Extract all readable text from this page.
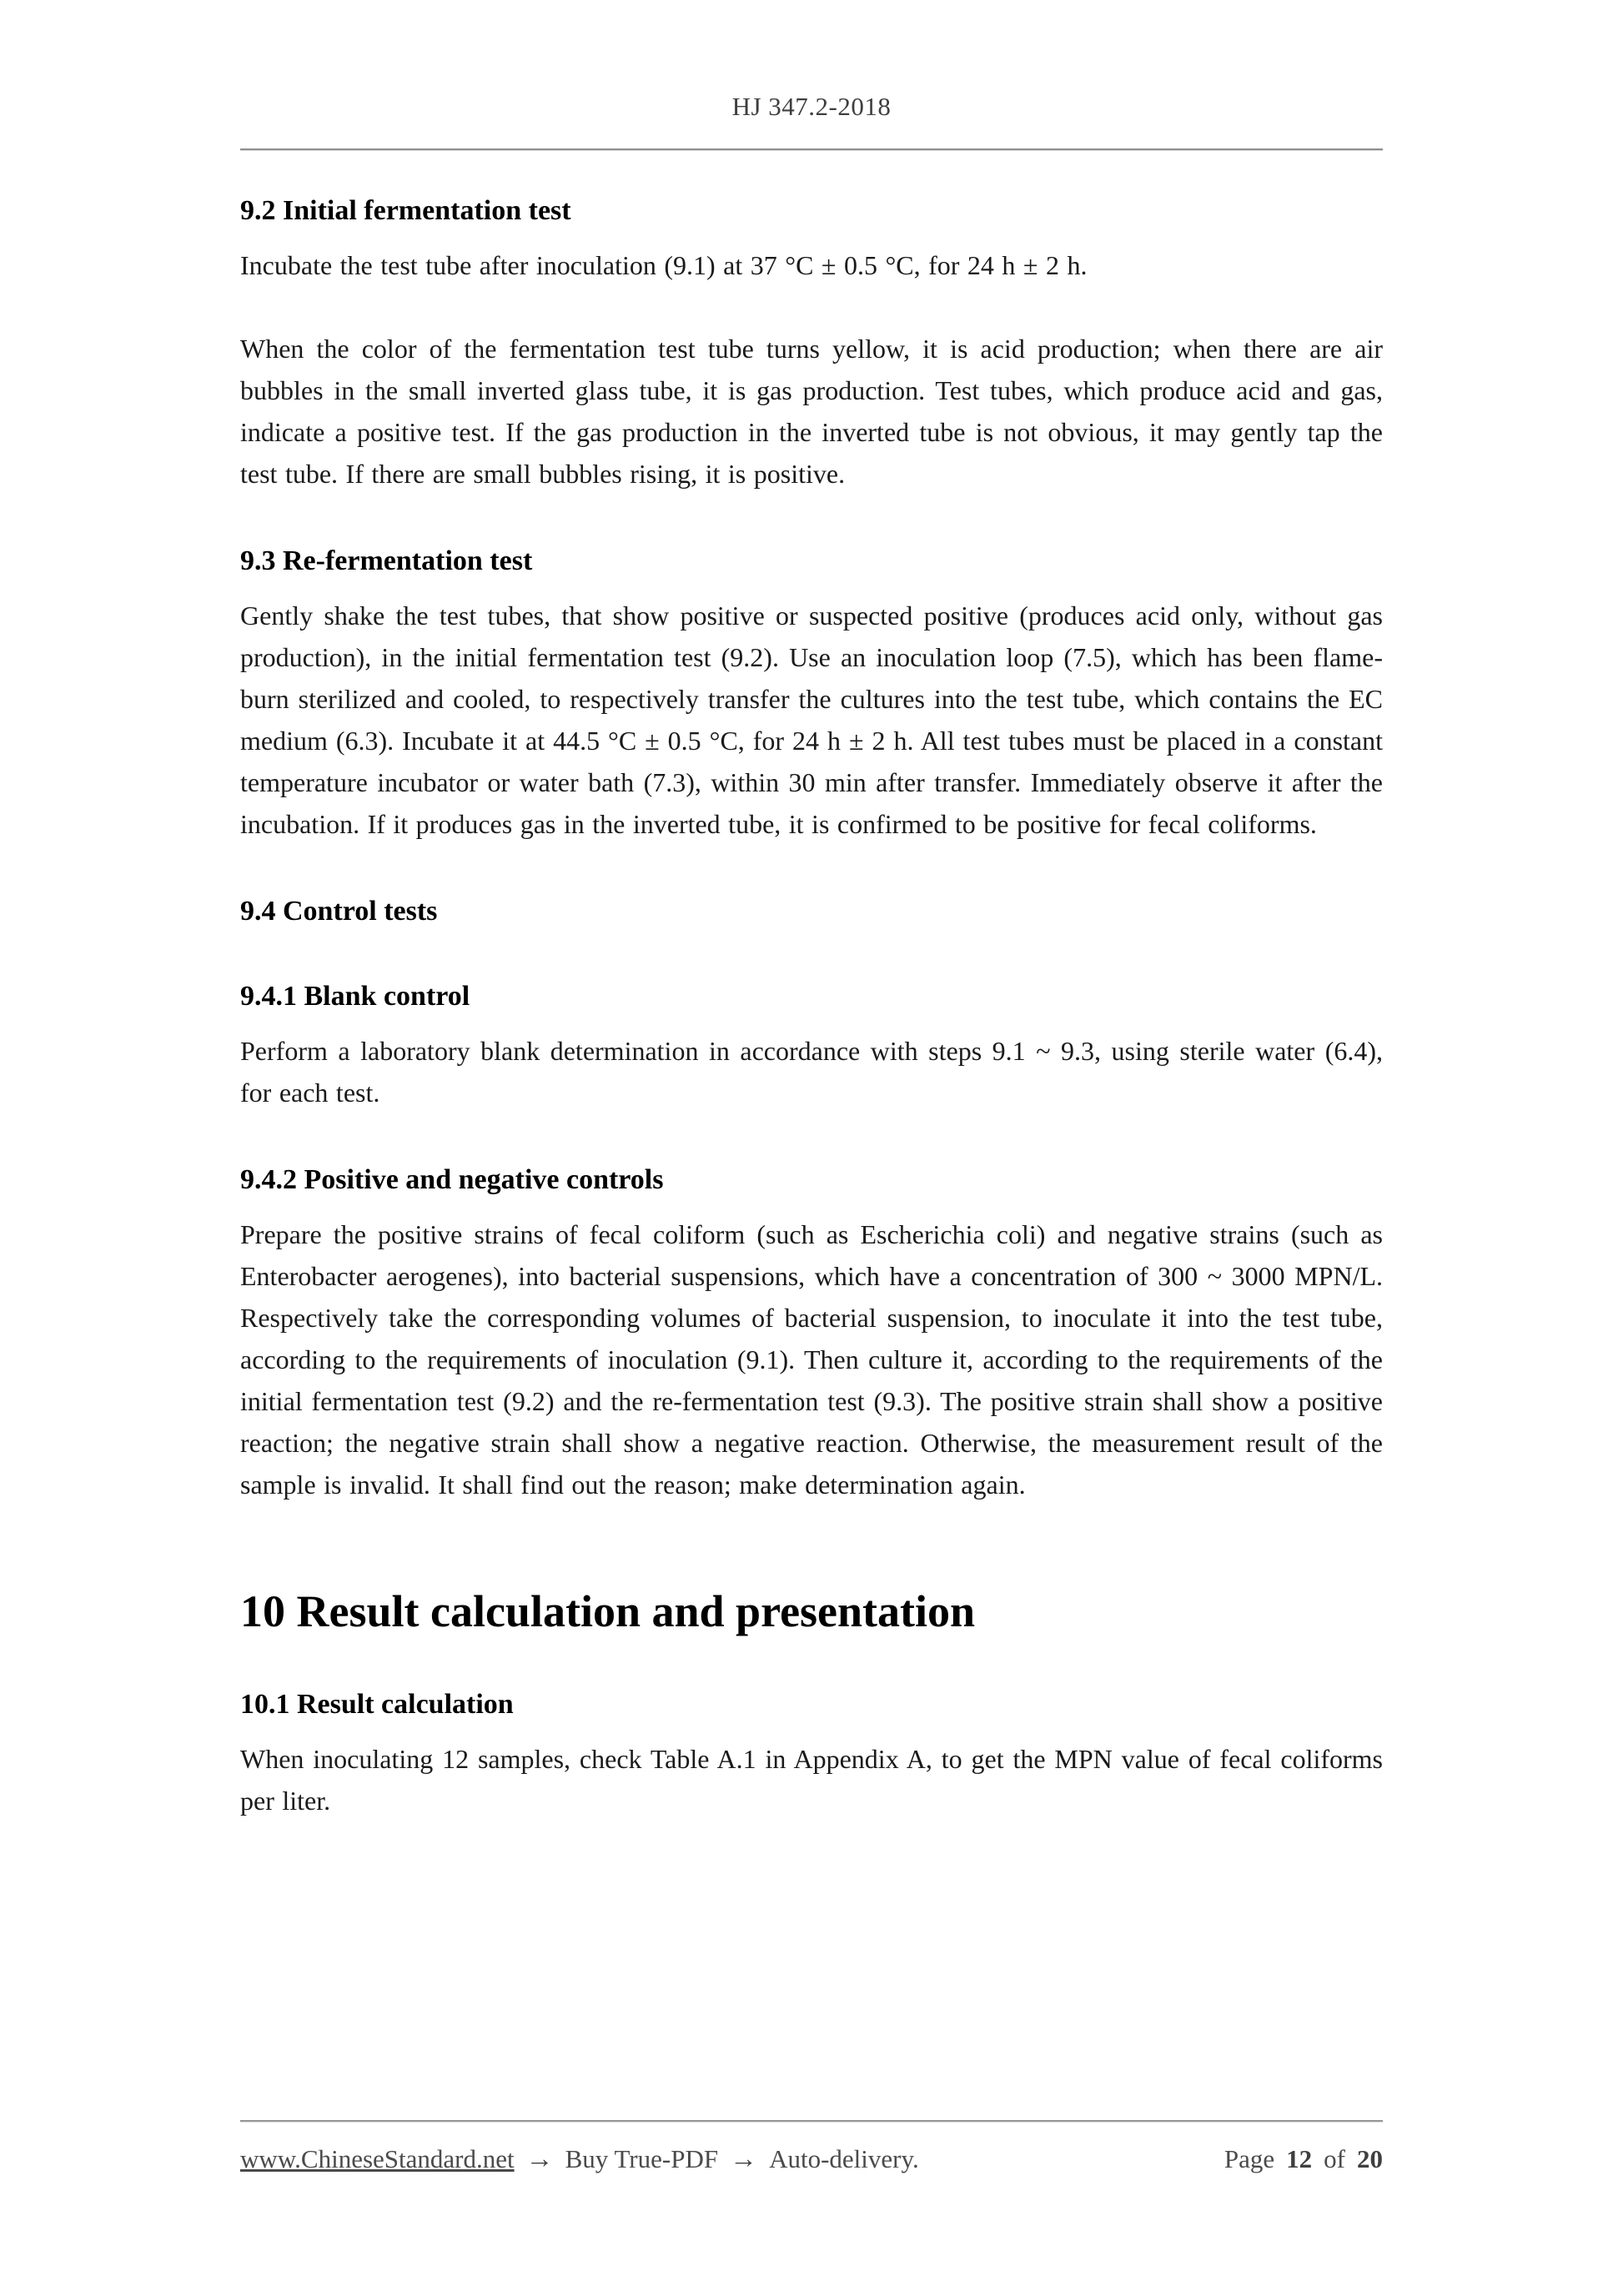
HJ 347.2-2018
9.2 Initial fermentation test

Incubate the test tube after inoculation (9.1) at 37 °C ± 0.5 °C, for 24 h ± 2 h.

When the color of the fermentation test tube turns yellow, it is acid production; when there are air bubbles in the small inverted glass tube, it is gas production. Test tubes, which produce acid and gas, indicate a positive test. If the gas production in the inverted tube is not obvious, it may gently tap the test tube. If there are small bubbles rising, it is positive.

9.3 Re-fermentation test

Gently shake the test tubes, that show positive or suspected positive (produces acid only, without gas production), in the initial fermentation test (9.2). Use an inoculation loop (7.5), which has been flame-burn sterilized and cooled, to respectively transfer the cultures into the test tube, which contains the EC medium (6.3). Incubate it at 44.5 °C ± 0.5 °C, for 24 h ± 2 h. All test tubes must be placed in a constant temperature incubator or water bath (7.3), within 30 min after transfer. Immediately observe it after the incubation. If it produces gas in the inverted tube, it is confirmed to be positive for fecal coliforms.

9.4 Control tests
9.4.1 Blank control

Perform a laboratory blank determination in accordance with steps 9.1 ~ 9.3, using sterile water (6.4), for each test.

9.4.2 Positive and negative controls

Prepare the positive strains of fecal coliform (such as Escherichia coli) and negative strains (such as Enterobacter aerogenes), into bacterial suspensions, which have a concentration of 300 ~ 3000 MPN/L. Respectively take the corresponding volumes of bacterial suspension, to inoculate it into the test tube, according to the requirements of inoculation (9.1). Then culture it, according to the requirements of the initial fermentation test (9.2) and the re-fermentation test (9.3). The positive strain shall show a positive reaction; the negative strain shall show a negative reaction. Otherwise, the measurement result of the sample is invalid. It shall find out the reason; make determination again.

10 Result calculation and presentation
10.1 Result calculation

When inoculating 12 samples, check Table A.1 in Appendix A, to get the MPN value of fecal coliforms per liter.

www.ChineseStandard.net → Buy True-PDF → Auto-delivery.	Page 12 of 20
